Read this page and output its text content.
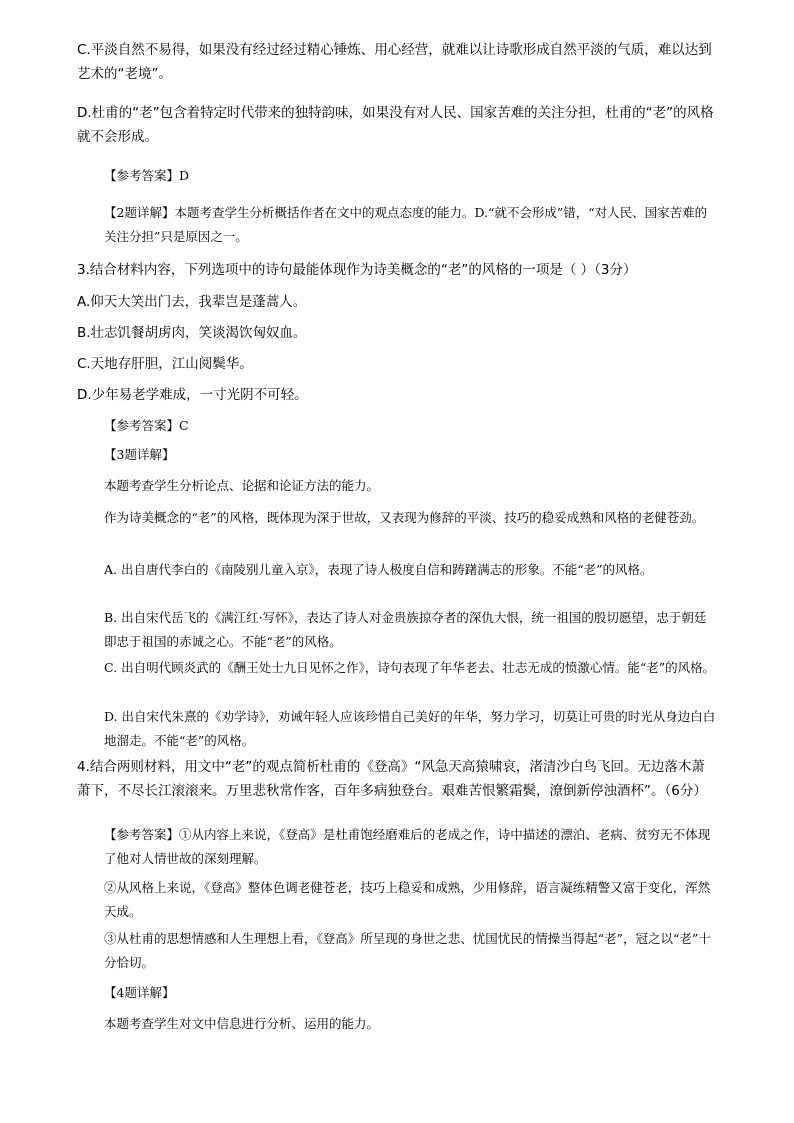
C.平淡自然不易得，如果没有经过经过精心锤炼、用心经营，就难以让诗歌形成自然平淡的气质，难以达到艺术的“老境”。

D.杜甫的“老”包含着特定时代带来的独特韵味，如果没有对人民、国家苦难的关注分担，杜甫的“老”的风格就不会形成。

【参考答案】D

【2题详解】本题考查学生分析概括作者在文中的观点态度的能力。D.“就不会形成”错，“对人民、国家苦难的关注分担”只是原因之一。

3.结合材料内容，下列选项中的诗句最能体现作为诗美概念的“老”的风格的一项是（ ）（3分）

A.仰天大笑出门去，我辈岂是蓬蒿人。

B.壮志饥餐胡虏肉，笑谈渴饮匈奴血。

C.天地存肝胆，江山阅鬓华。

D.少年易老学难成，一寸光阴不可轻。

【参考答案】C

【3题详解】

本题考查学生分析论点、论据和论证方法的能力。

作为诗美概念的“老”的风格，既体现为深于世故，又表现为修辞的平淡、技巧的稳妥成熟和风格的老健苍劲。

A. 出自唐代李白的《南陵别儿童入京》，表现了诗人极度自信和踌躇满志的形象。不能“老”的风格。

B. 出自宋代岳飞的《满江红·写怀》，表达了诗人对金贵族掠夺者的深仇大恨，统一祖国的殷切愿望，忠于朝廷即忠于祖国的赤诚之心。不能“老”的风格。

C. 出自明代顾炎武的《酬王处士九日见怀之作》，诗句表现了年华老去、壮志无成的愤激心情。能“老”的风格。

D. 出自宋代朱熹的《劝学诗》，劝诫年轻人应该珍惜自己美好的年华，努力学习，切莫让可贵的时光从身边白白地溜走。不能“老”的风格。

4.结合两则材料，用文中“老”的观点简析杜甫的《登高》“风急天高猿啸哀，渚清沙白鸟飞回。无边落木萧萧下，不尽长江滚滚来。万里悲秋常作客，百年多病独登台。艰难苦恨繁霜鬓，潦倒新停浊酒杯”。（6分）

【参考答案】①从内容上来说，《登高》是杜甫饱经磨难后的老成之作，诗中描述的漂泊、老病、贫穷无不体现了他对人情世故的深刻理解。

②从风格上来说，《登高》整体色调老健苍老，技巧上稳妥和成熟，少用修辞，语言凝练精警又富于变化，浑然天成。

③从杜甫的思想情感和人生理想上看，《登高》所呈现的身世之悲、忧国忧民的情操当得起“老”，冠之以“老”十分恰切。

【4题详解】

本题考查学生对文中信息进行分析、运用的能力。
